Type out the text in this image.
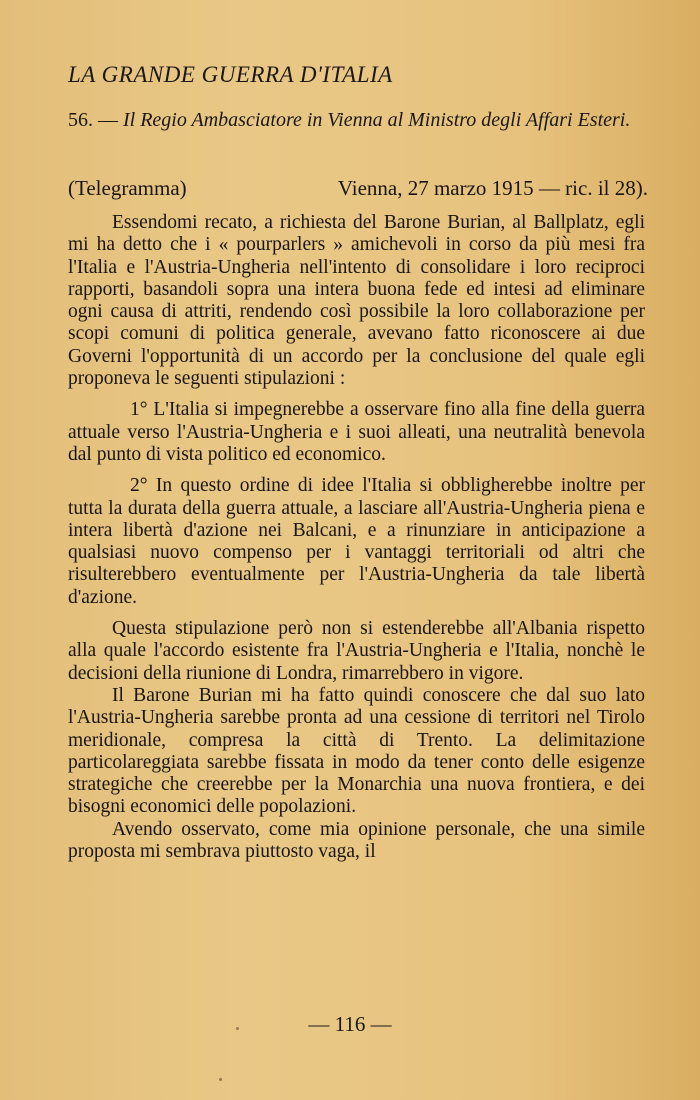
LA GRANDE GUERRA D'ITALIA
56. — Il Regio Ambasciatore in Vienna al Ministro degli Affari Esteri.
(Telegramma)	Vienna, 27 marzo 1915 — ric. il 28).

Essendomi recato, a richiesta del Barone Burian, al Ballplatz, egli mi ha detto che i « pourparlers » amichevoli in corso da più mesi fra l'Italia e l'Austria-Ungheria nell'intento di consolidare i loro reciproci rapporti, basandoli sopra una intera buona fede ed intesi ad eliminare ogni causa di attriti, rendendo così possibile la loro collaborazione per scopi comuni di politica generale, avevano fatto riconoscere ai due Governi l'opportunità di un accordo per la conclusione del quale egli proponeva le seguenti stipulazioni :

1° L'Italia si impegnerebbe a osservare fino alla fine della guerra attuale verso l'Austria-Ungheria e i suoi alleati, una neutralità benevola dal punto di vista politico ed economico.

2° In questo ordine di idee l'Italia si obbligherebbe inoltre per tutta la durata della guerra attuale, a lasciare all'Austria-Ungheria piena e intera libertà d'azione nei Balcani, e a rinunziare in anticipazione a qualsiasi nuovo compenso per i vantaggi territoriali od altri che risulterebbero eventualmente per l'Austria-Ungheria da tale libertà d'azione.

Questa stipulazione però non si estenderebbe all'Albania rispetto alla quale l'accordo esistente fra l'Austria-Ungheria e l'Italia, nonchè le decisioni della riunione di Londra, rimarrebbero in vigore.

Il Barone Burian mi ha fatto quindi conoscere che dal suo lato l'Austria-Ungheria sarebbe pronta ad una cessione di territori nel Tirolo meridionale, compresa la città di Trento. La delimitazione particolareggiata sarebbe fissata in modo da tener conto delle esigenze strategiche che creerebbe per la Monarchia una nuova frontiera, e dei bisogni economici delle popolazioni.

Avendo osservato, come mia opinione personale, che una simile proposta mi sembrava piuttosto vaga, il

— 116 —
